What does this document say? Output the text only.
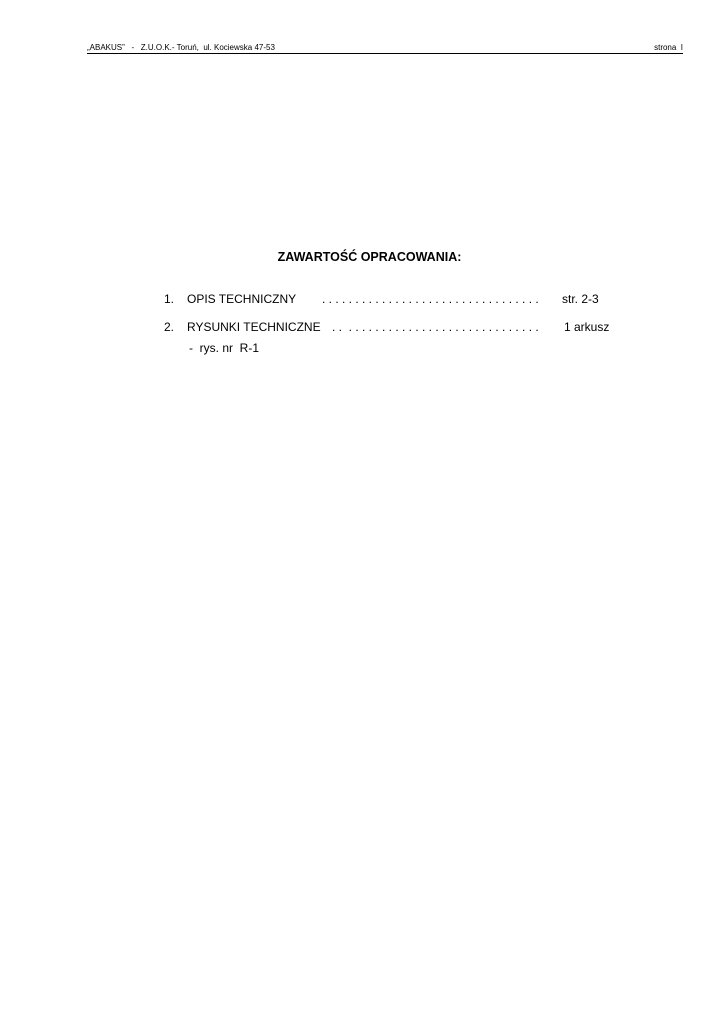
„ABAKUS”   -   Z.U.O.K.- Toruń,  ul. Kociewska 47-53	strona  I
ZAWARTOŚĆ OPRACOWANIA:

1.

OPIS TECHNICZNY

. . . . . . . . . . . . . . . . . . . . . . . . . . . . . . . . .

str. 2-3

2.

RYSUNKI TECHNICZNE

. .  . . . . . . . . . . . . . . . . . . . . . . . . . . . . .

1 arkusz

-  rys. nr  R-1
